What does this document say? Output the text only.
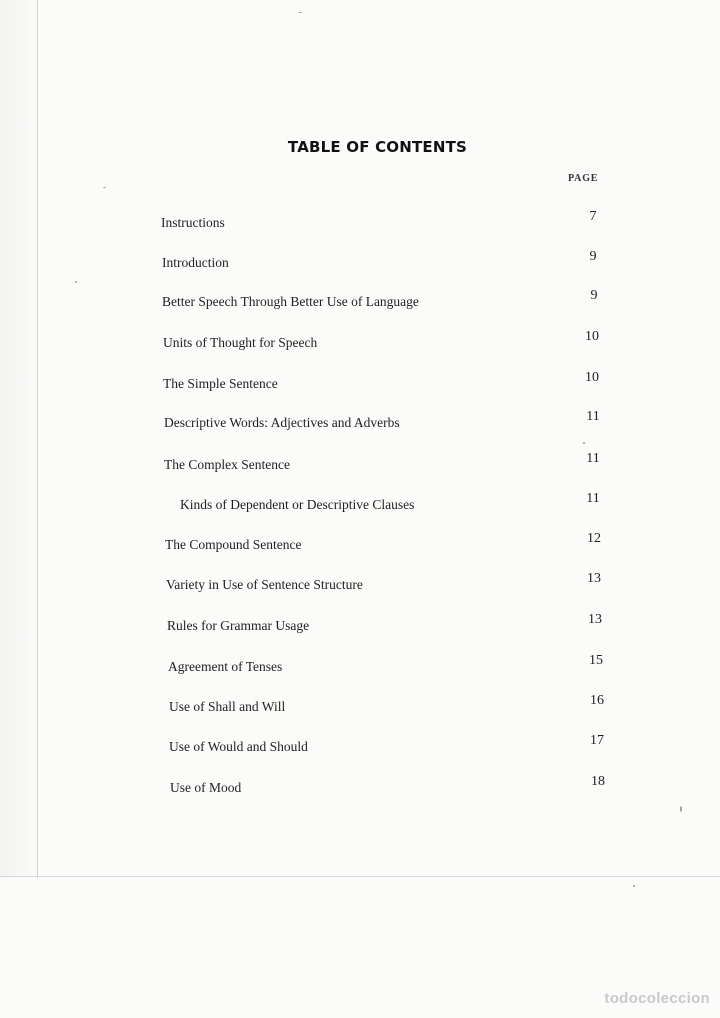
TABLE OF CONTENTS
PAGE
Instructions	7
Introduction	9
Better Speech Through Better Use of Language	9
Units of Thought for Speech	10
The Simple Sentence	10
Descriptive Words: Adjectives and Adverbs	11
The Complex Sentence	11
Kinds of Dependent or Descriptive Clauses	11
The Compound Sentence	12
Variety in Use of Sentence Structure	13
Rules for Grammar Usage	13
Agreement of Tenses	15
Use of Shall and Will	16
Use of Would and Should	17
Use of Mood	18
todocoleccion
